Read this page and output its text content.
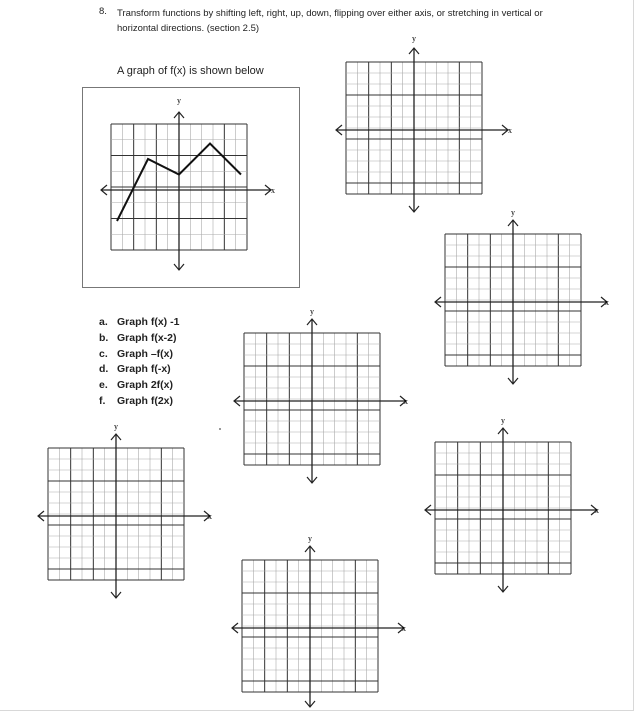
8. Transform functions by shifting left, right, up, down, flipping over either axis, or stretching in vertical or horizontal directions. (section 2.5)
A graph of f(x) is shown below
y
x
y
x
y
x
y
x
y
x
y
x
y
x
a. Graph f(x) -1
b. Graph f(x-2)
c. Graph –f(x)
d. Graph f(-x)
e. Graph 2f(x)
f. Graph f(2x)
